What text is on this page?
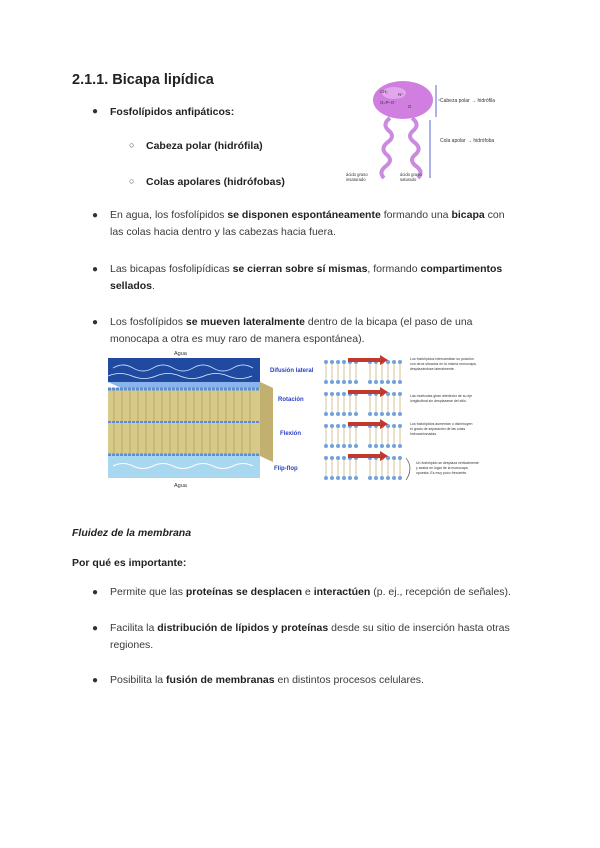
2.1.1. Bicapa lipídica
● Fosfolípidos anfipáticos:
○ Cabeza polar (hidrófila)
○ Colas apolares (hidrófobas)
CH₂
N⁺
O=P–O⁻
O
Cabeza polar → hidrófila
Cola apolar → hidrófoba
ácido graso
insaturado
ácido graso
saturado
● En agua, los fosfolípidos se disponen espontáneamente formando una bicapa con
las colas hacia dentro y las cabezas hacia fuera.
● Las bicapas fosfolipídicas se cierran sobre sí mismas, formando compartimentos
sellados.
● Los fosfolípidos se mueven lateralmente dentro de la bicapa (el paso de una
monocapa a otra es muy raro de manera espontánea).
Agua
Agua
Difusión lateral
Rotación
Flexión
Flip-flop
Los fosfolípidos intercambian su posición
con otros situados en la misma monocapa,
desplazándose lateralmente.
Las moléculas giran alrededor de su eje
longitudinal sin desplazarse del sitio.
Los fosfolípidos aumentan o disminuyen
el grado de separación de las colas
hidrocarbonadas.
Un fosfolípido se desplaza verticalmente
y acaba en lugar de la monocapa
opuesta. Es muy poco frecuente.
Fluidez de la membrana
Por qué es importante:
● Permite que las proteínas se desplacen e interactúen (p. ej., recepción de señales).
● Facilita la distribución de lípidos y proteínas desde su sitio de inserción hasta otras
regiones.
● Posibilita la fusión de membranas en distintos procesos celulares.
